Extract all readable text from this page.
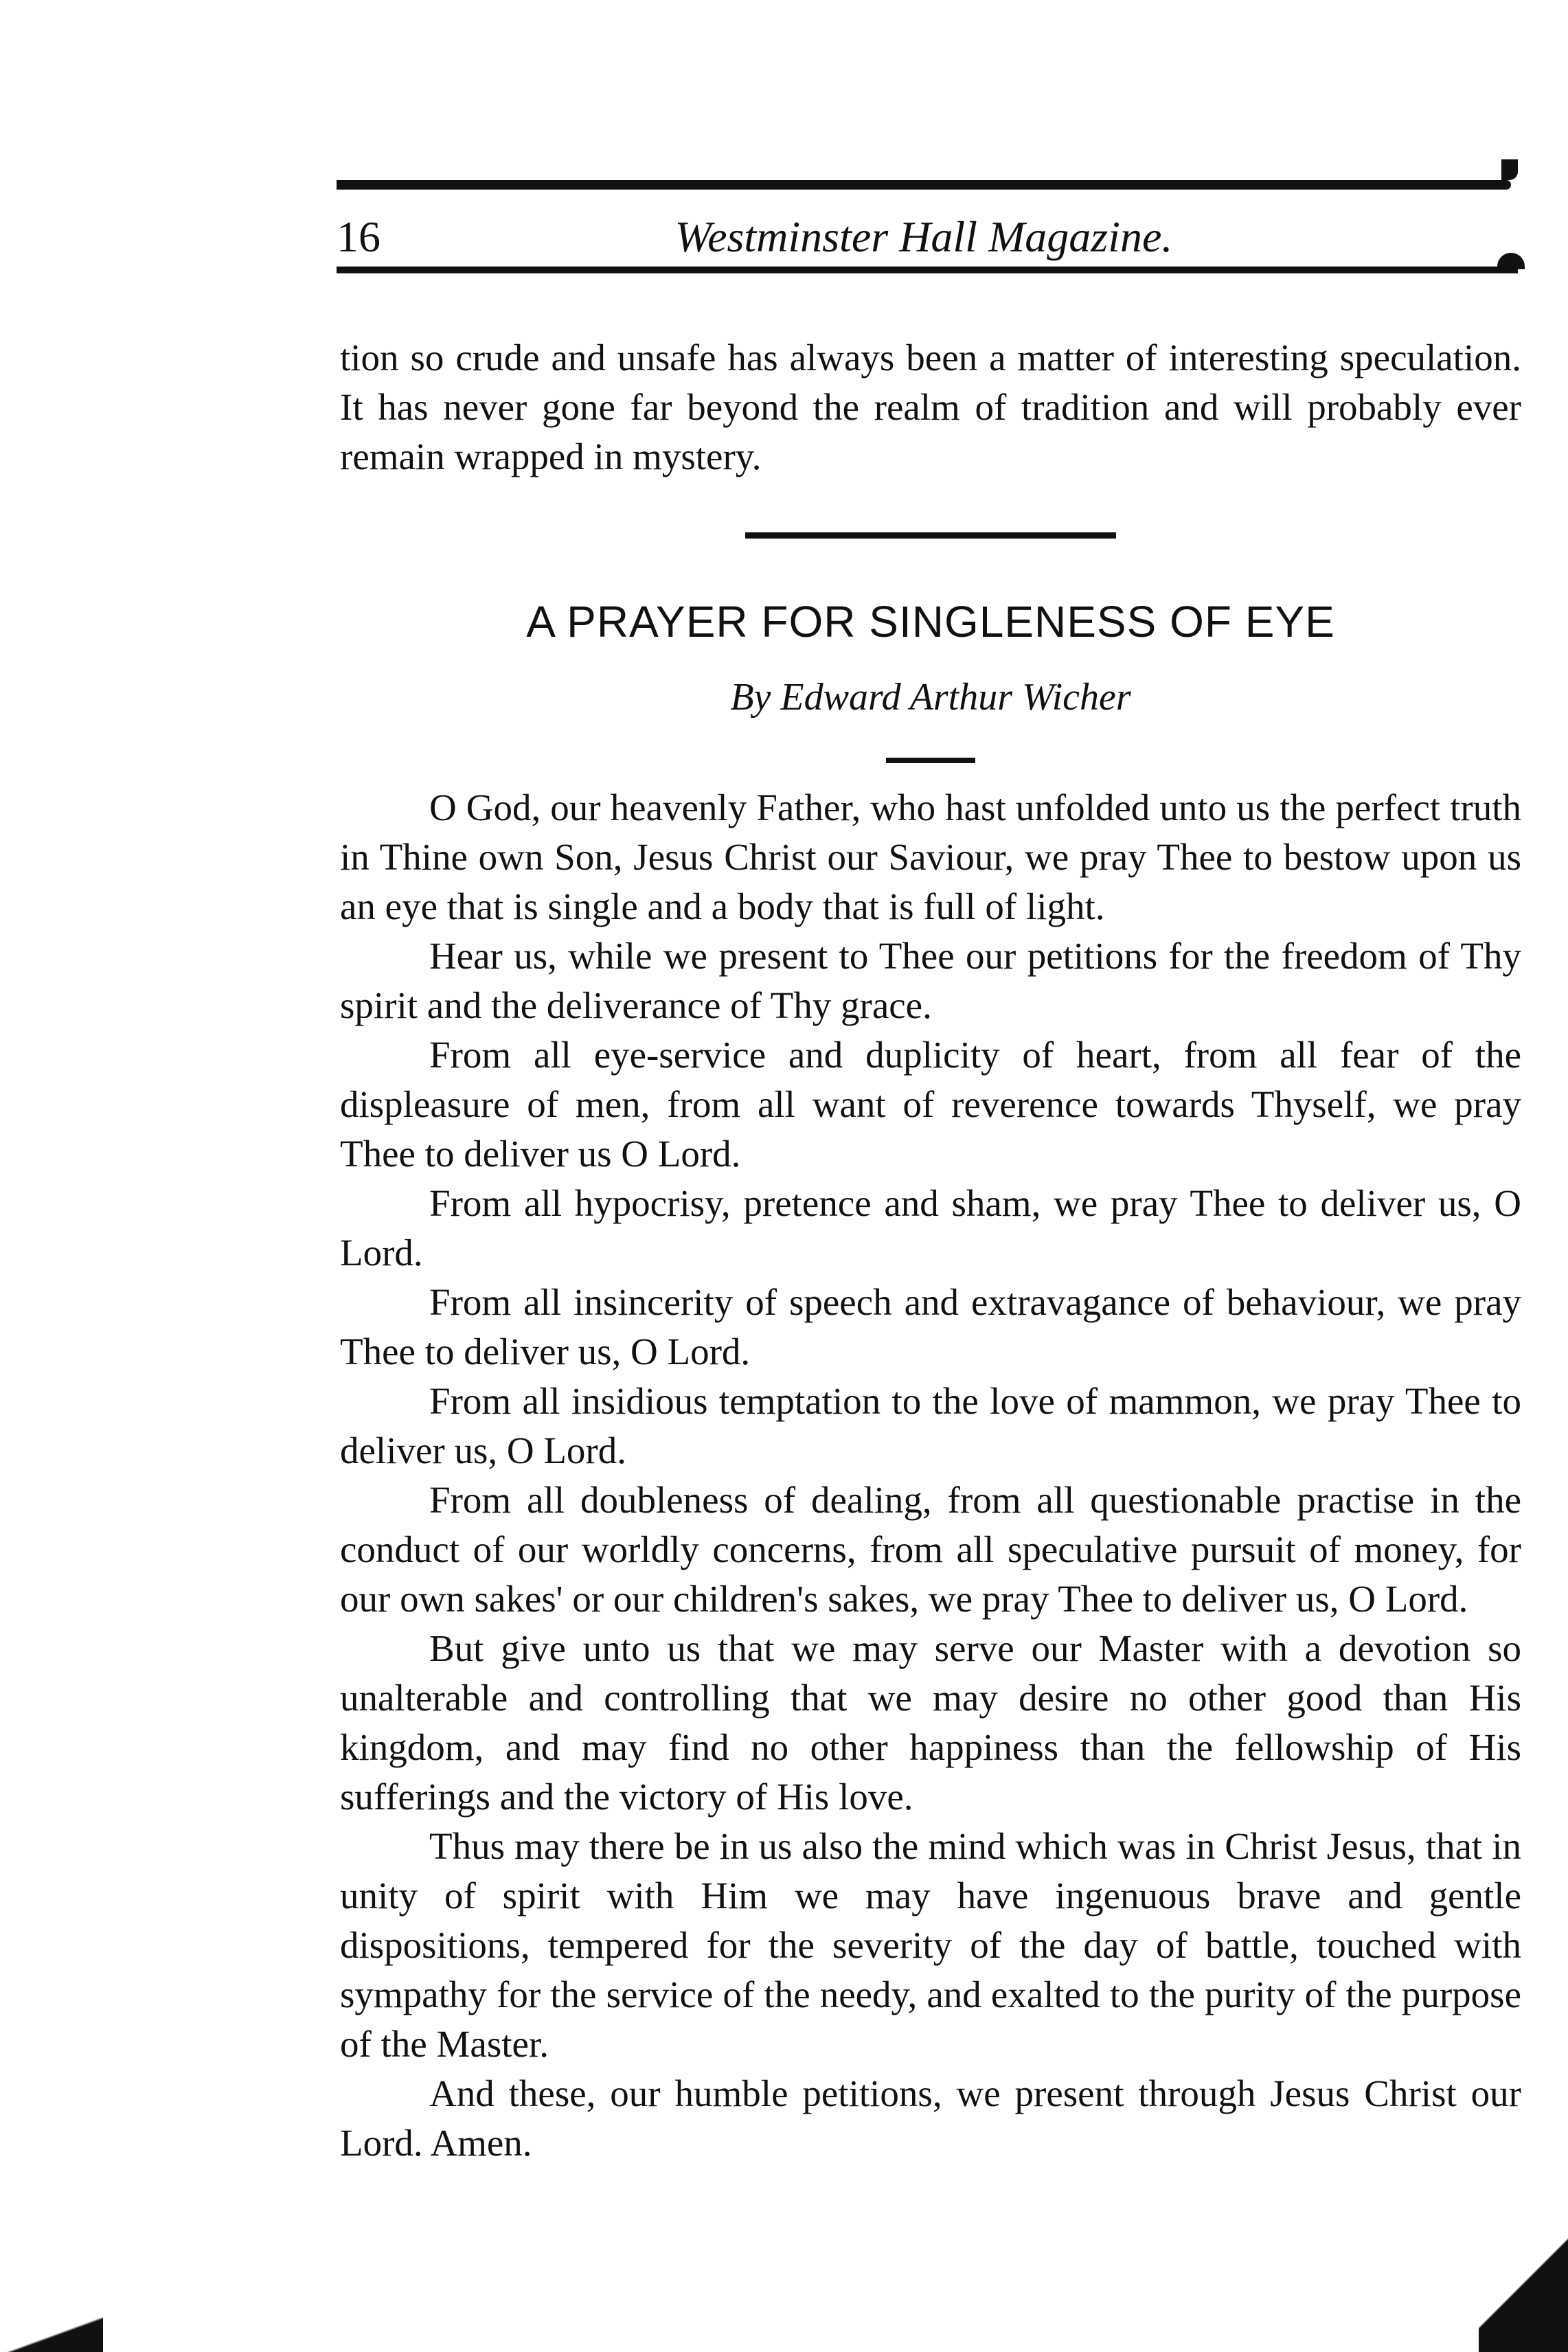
16	Westminster Hall Magazine.

tion so crude and unsafe has always been a matter of interesting speculation. It has never gone far beyond the realm of tradition and will probably ever remain wrapped in mystery.

A PRAYER FOR SINGLENESS OF EYE
By Edward Arthur Wicher

O God, our heavenly Father, who hast unfolded unto us the perfect truth in Thine own Son, Jesus Christ our Saviour, we pray Thee to bestow upon us an eye that is single and a body that is full of light.

Hear us, while we present to Thee our petitions for the freedom of Thy spirit and the deliverance of Thy grace.

From all eye-service and duplicity of heart, from all fear of the displeasure of men, from all want of reverence towards Thyself, we pray Thee to deliver us O Lord.

From all hypocrisy, pretence and sham, we pray Thee to deliver us, O Lord.

From all insincerity of speech and extravagance of behaviour, we pray Thee to deliver us, O Lord.

From all insidious temptation to the love of mammon, we pray Thee to deliver us, O Lord.

From all doubleness of dealing, from all questionable practise in the conduct of our worldly concerns, from all speculative pursuit of money, for our own sakes' or our children's sakes, we pray Thee to deliver us, O Lord.

But give unto us that we may serve our Master with a devotion so unalterable and controlling that we may desire no other good than His kingdom, and may find no other happiness than the fellowship of His sufferings and the victory of His love.

Thus may there be in us also the mind which was in Christ Jesus, that in unity of spirit with Him we may have ingenuous brave and gentle dispositions, tempered for the severity of the day of battle, touched with sympathy for the service of the needy, and exalted to the purity of the purpose of the Master.

And these, our humble petitions, we present through Jesus Christ our Lord. Amen.
